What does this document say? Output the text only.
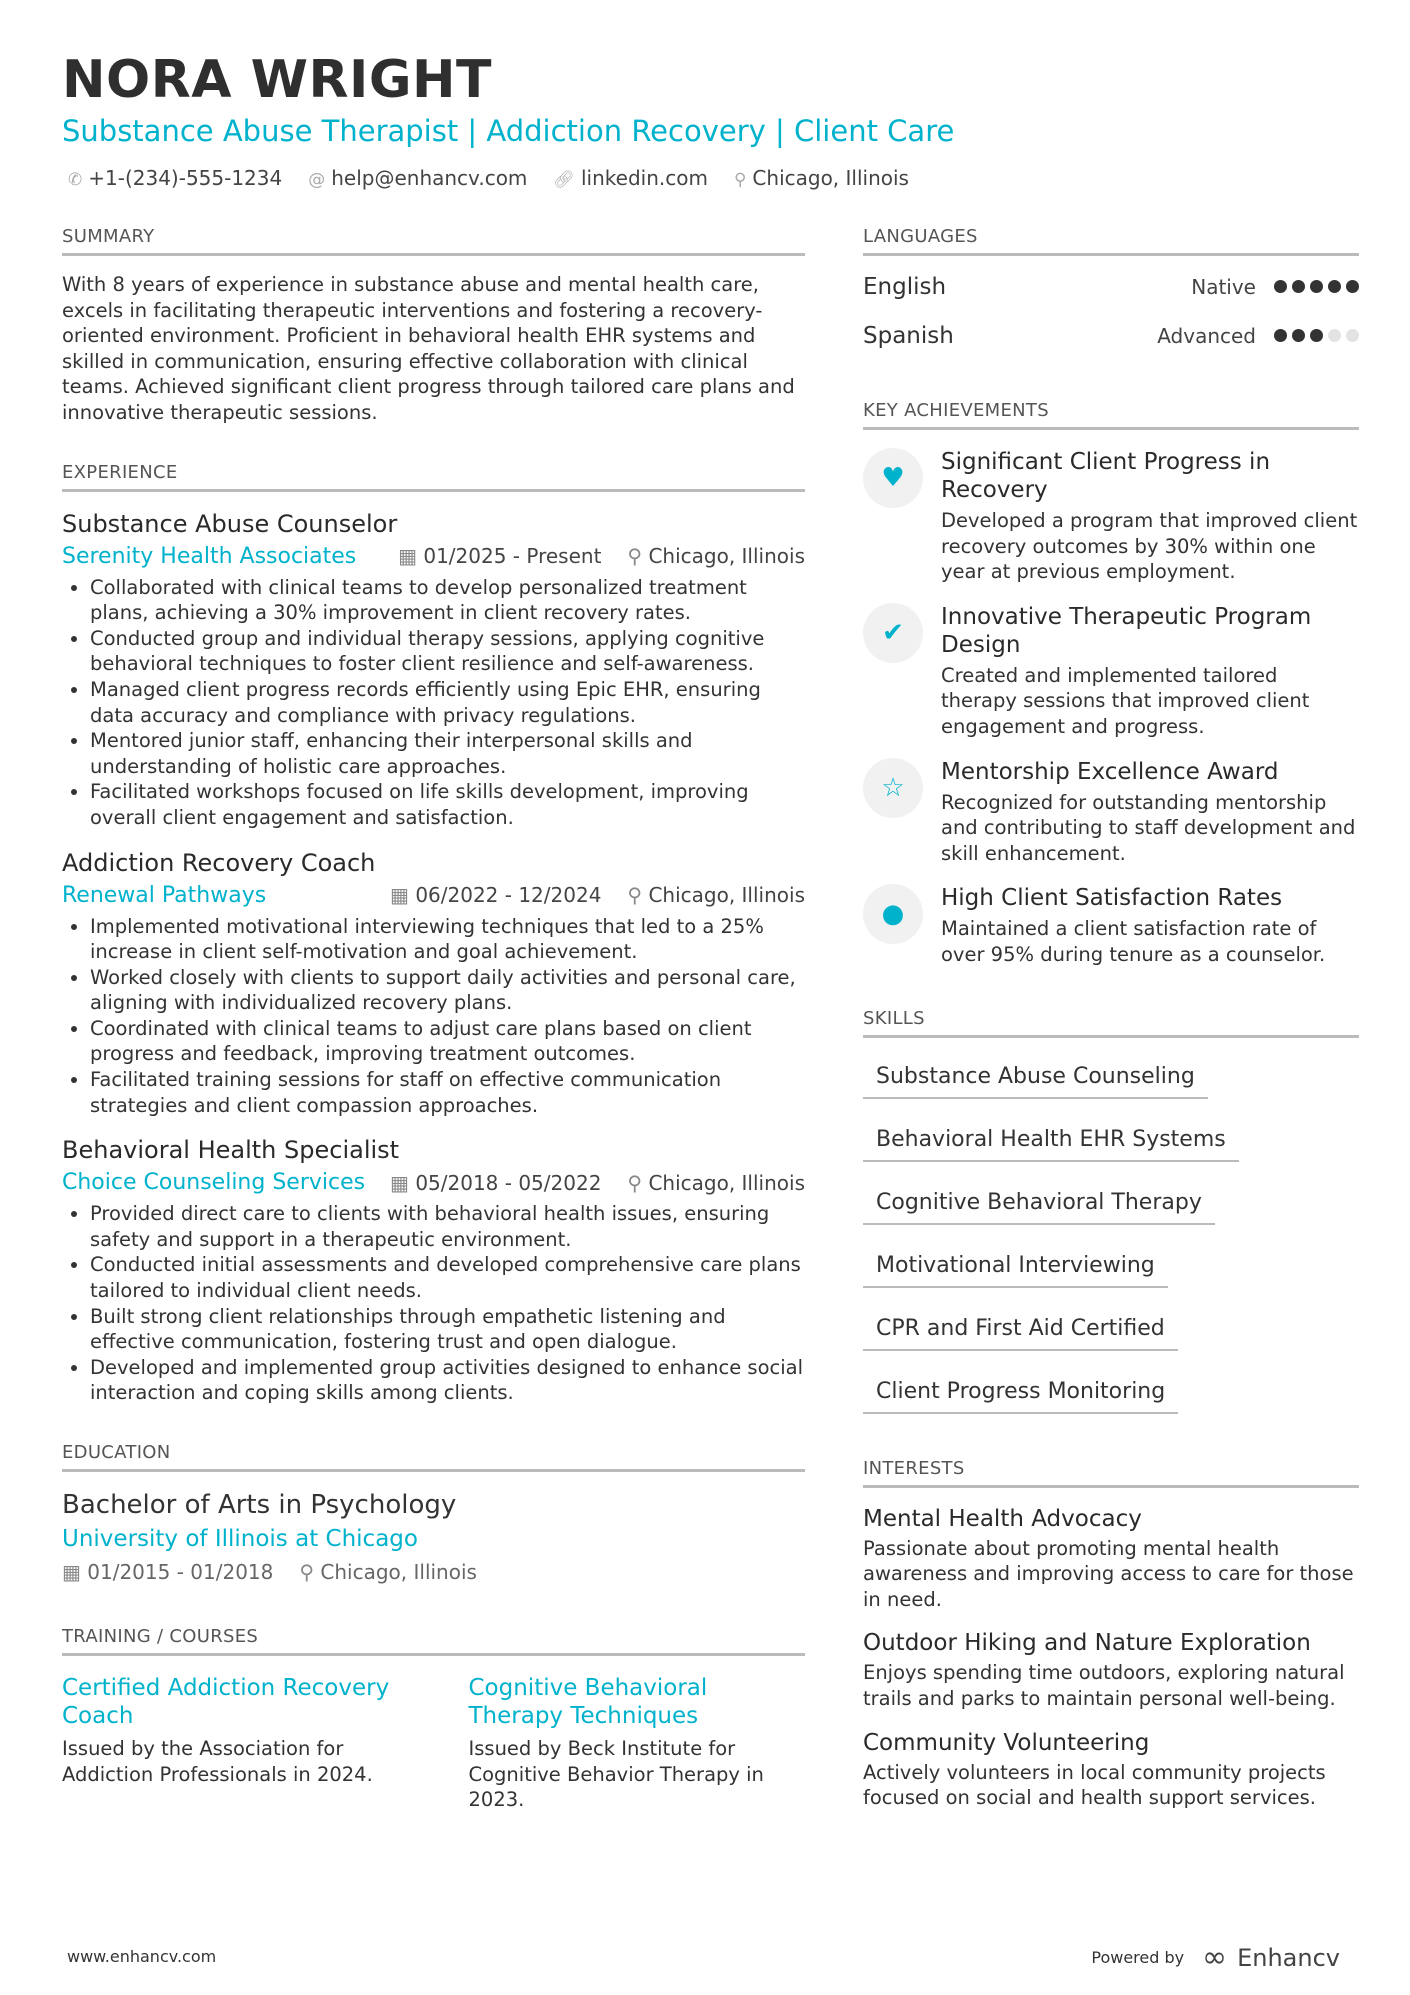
NORA WRIGHT
Substance Abuse Therapist | Addiction Recovery | Client Care
✆ +1-(234)-555-1234 @ help@enhancv.com 🔗︎ linkedin.com ⚲ Chicago, Illinois
SUMMARY

With 8 years of experience in substance abuse and mental health care, excels in facilitating therapeutic interventions and fostering a recovery-oriented environment. Proficient in behavioral health EHR systems and skilled in communication, ensuring effective collaboration with clinical teams. Achieved significant client progress through tailored care plans and innovative therapeutic sessions.

EXPERIENCE
Substance Abuse Counselor
Serenity Health Associates ▦ 01/2025 - Present ⚲ Chicago, Illinois
• Collaborated with clinical teams to develop personalized treatment plans, achieving a 30% improvement in client recovery rates.
• Conducted group and individual therapy sessions, applying cognitive behavioral techniques to foster client resilience and self-awareness.
• Managed client progress records efficiently using Epic EHR, ensuring data accuracy and compliance with privacy regulations.
• Mentored junior staff, enhancing their interpersonal skills and understanding of holistic care approaches.
• Facilitated workshops focused on life skills development, improving overall client engagement and satisfaction.
Addiction Recovery Coach
Renewal Pathways	▦ 06/2022 - 12/2024 ⚲ Chicago, Illinois
• Implemented motivational interviewing techniques that led to a 25% increase in client self-motivation and goal achievement.
• Worked closely with clients to support daily activities and personal care, aligning with individualized recovery plans.
• Coordinated with clinical teams to adjust care plans based on client progress and feedback, improving treatment outcomes.
• Facilitated training sessions for staff on effective communication strategies and client compassion approaches.
Behavioral Health Specialist
Choice Counseling Services ▦ 05/2018 - 05/2022 ⚲ Chicago, Illinois
• Provided direct care to clients with behavioral health issues, ensuring safety and support in a therapeutic environment.
• Conducted initial assessments and developed comprehensive care plans tailored to individual client needs.
• Built strong client relationships through empathetic listening and effective communication, fostering trust and open dialogue.
• Developed and implemented group activities designed to enhance social interaction and coping skills among clients.
EDUCATION
Bachelor of Arts in Psychology
University of Illinois at Chicago
▦ 01/2015 - 01/2018 ⚲ Chicago, Illinois
TRAINING / COURSES
Certified Addiction Recovery Coach

Issued by the Association for Addiction Professionals in 2024.

Cognitive Behavioral Therapy Techniques

Issued by Beck Institute for Cognitive Behavior Therapy in 2023.

LANGUAGES
English	Native
Spanish	Advanced
KEY ACHIEVEMENTS
♥
Significant Client Progress in Recovery

Developed a program that improved client recovery outcomes by 30% within one year at previous employment.

✔
Innovative Therapeutic Program Design

Created and implemented tailored therapy sessions that improved client engagement and progress.

☆
Mentorship Excellence Award

Recognized for outstanding mentorship and contributing to staff development and skill enhancement.

●
High Client Satisfaction Rates

Maintained a client satisfaction rate of over 95% during tenure as a counselor.

SKILLS
Substance Abuse Counseling
Behavioral Health EHR Systems
Cognitive Behavioral Therapy
Motivational Interviewing
CPR and First Aid Certified
Client Progress Monitoring
INTERESTS
Mental Health Advocacy

Passionate about promoting mental health awareness and improving access to care for those in need.

Outdoor Hiking and Nature Exploration

Enjoys spending time outdoors, exploring natural trails and parks to maintain personal well-being.

Community Volunteering

Actively volunteers in local community projects focused on social and health support services.

www.enhancv.com	Powered by ∞ Enhancv
